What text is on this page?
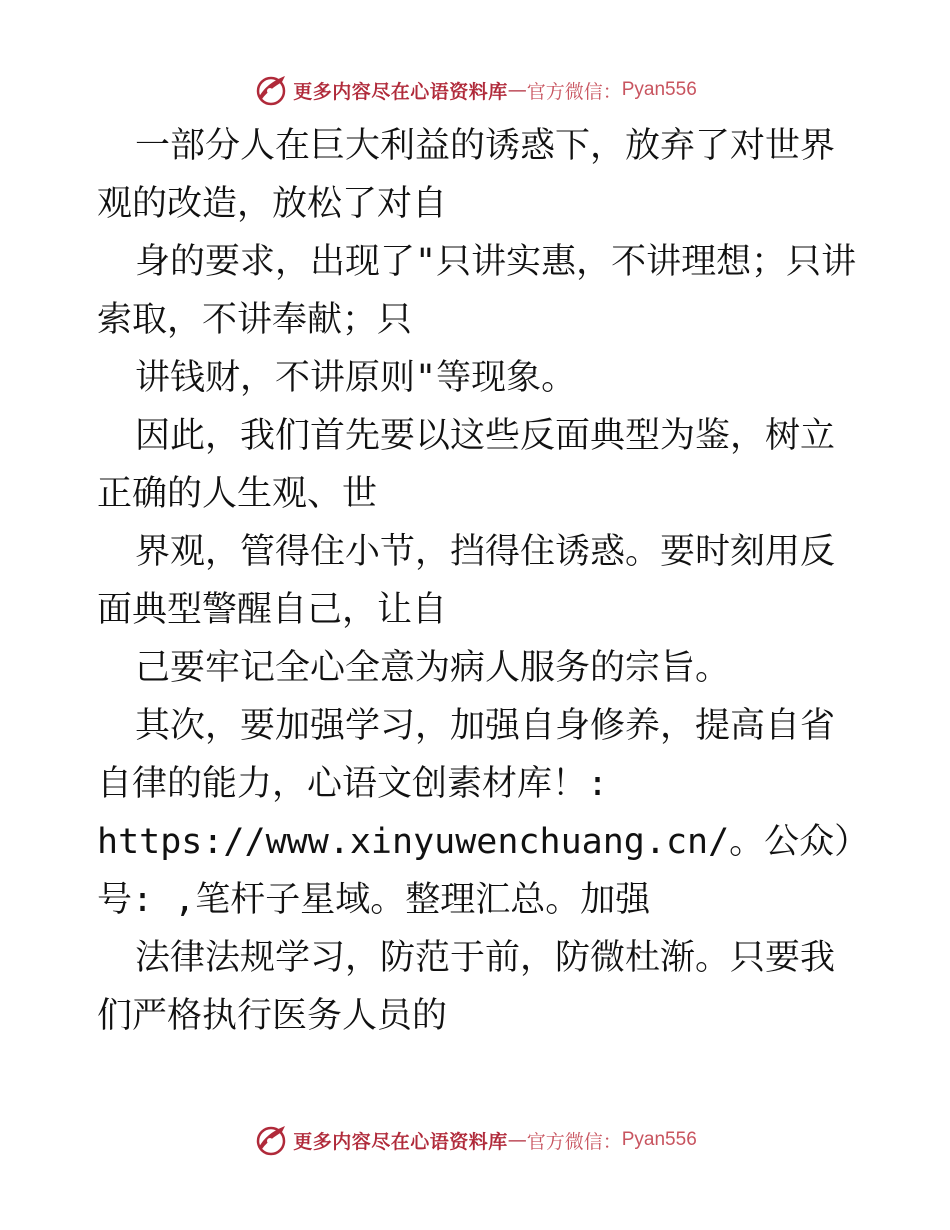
更多内容尽在心语资料库 — 官方微信： Pyan556

一部分人在巨大利益的诱惑下，放弃了对世界观的改造，放松了对自

身的要求，出现了"只讲实惠，不讲理想；只讲索取，不讲奉献；只

讲钱财，不讲原则"等现象。

因此，我们首先要以这些反面典型为鉴，树立正确的人生观、世

界观，管得住小节，挡得住诱惑。要时刻用反面典型警醒自己，让自

己要牢记全心全意为病人服务的宗旨。

其次，要加强学习，加强自身修养，提高自省自律的能力，心语文创素材库！: https://www.xinyuwenchuang.cn/。公众）号: ,笔杆子星域。整理汇总。加强

法律法规学习，防范于前，防微杜渐。只要我们严格执行医务人员的

更多内容尽在心语资料库 — 官方微信： Pyan556
